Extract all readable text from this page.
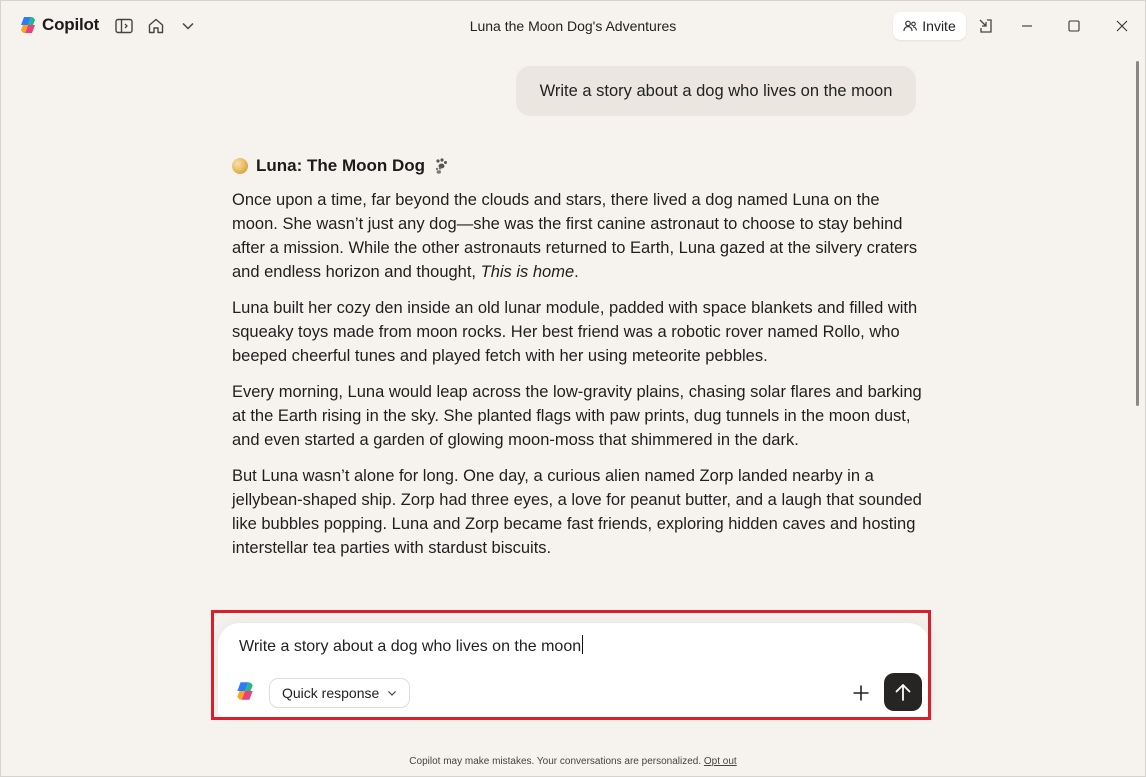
Copilot	Luna the Moon Dog's Adventures	Invite
Write a story about a dog who lives on the moon
Luna: The Moon Dog

Once upon a time, far beyond the clouds and stars, there lived a dog named Luna on the moon. She wasn’t just any dog—she was the first canine astronaut to choose to stay behind after a mission. While the other astronauts returned to Earth, Luna gazed at the silvery craters and endless horizon and thought, This is home.

Luna built her cozy den inside an old lunar module, padded with space blankets and filled with squeaky toys made from moon rocks. Her best friend was a robotic rover named Rollo, who beeped cheerful tunes and played fetch with her using meteorite pebbles.

Every morning, Luna would leap across the low-gravity plains, chasing solar flares and barking at the Earth rising in the sky. She planted flags with paw prints, dug tunnels in the moon dust, and even started a garden of glowing moon-moss that shimmered in the dark.

But Luna wasn’t alone for long. One day, a curious alien named Zorp landed nearby in a jellybean-shaped ship. Zorp had three eyes, a love for peanut butter, and a laugh that sounded like bubbles popping. Luna and Zorp became fast friends, exploring hidden caves and hosting interstellar tea parties with stardust biscuits.

Write a story about a dog who lives on the moon
Quick response
Copilot may make mistakes. Your conversations are personalized. Opt out
